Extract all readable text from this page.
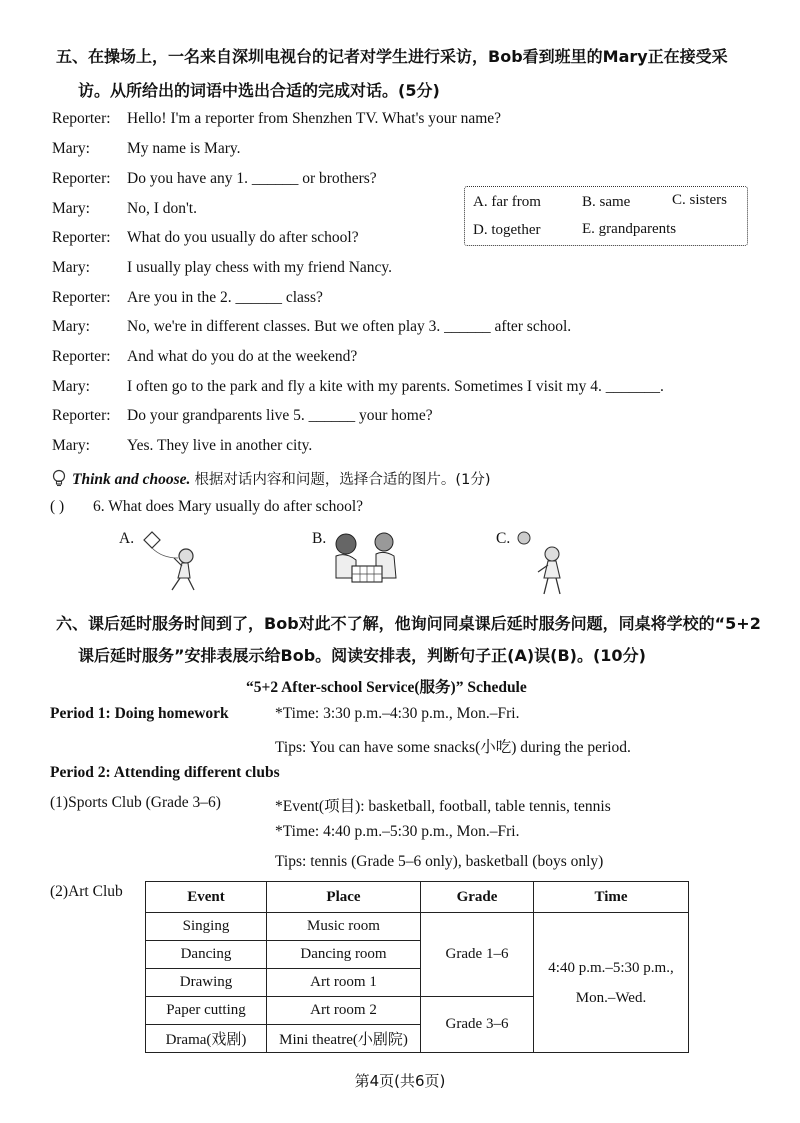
五、在操场上，一名来自深圳电视台的记者对学生进行采访，Bob看到班里的Mary正在接受采
访。从所给出的词语中选出合适的完成对话。(5分)
Reporter: Hello! I'm a reporter from Shenzhen TV. What's your name?
Mary: My name is Mary.
Reporter: Do you have any 1. ______ or brothers?
Mary: No, I don't.
Reporter: What do you usually do after school?
Mary: I usually play chess with my friend Nancy.
Reporter: Are you in the 2. ______ class?
Mary: No, we're in different classes. But we often play 3. ______ after school.
Reporter: And what do you do at the weekend?
Mary: I often go to the park and fly a kite with my parents. Sometimes I visit my 4. _______.
Reporter: Do your grandparents live 5. ______ your home?
Mary: Yes. They live in another city.
A. far from	B. same	C. sisters
D. together	E. grandparents
Think and choose. 根据对话内容和问题，选择合适的图片。(1分)
( ) 6. What does Mary usually do after school?
A.	B.	C.
六、课后延时服务时间到了，Bob对此不了解，他询问同桌课后延时服务问题，同桌将学校的“5+2
课后延时服务”安排表展示给Bob。阅读安排表，判断句子正(A)误(B)。(10分)
“5+2 After-school Service(服务)” Schedule
Period 1: Doing homework	*Time: 3:30 p.m.–4:30 p.m., Mon.–Fri.
Tips: You can have some snacks(小吃) during the period.
Period 2: Attending different clubs
(1)Sports Club (Grade 3–6)	*Event(项目): basketball, football, table tennis, tennis
*Time: 4:40 p.m.–5:30 p.m., Mon.–Fri.
Tips: tennis (Grade 5–6 only), basketball (boys only)
(2)Art Club	Event	Place	Grade	Time
Singing	Music room	Grade 1–6	4:40 p.m.–5:30 p.m.,
Mon.–Wed.

Dancing	Dancing room		
Drawing	Art room 1		
Paper cutting	Art room 2	Grade 3–6	
Drama(戏剧)	Mini theatre(小剧院)		
第4页(共6页)
